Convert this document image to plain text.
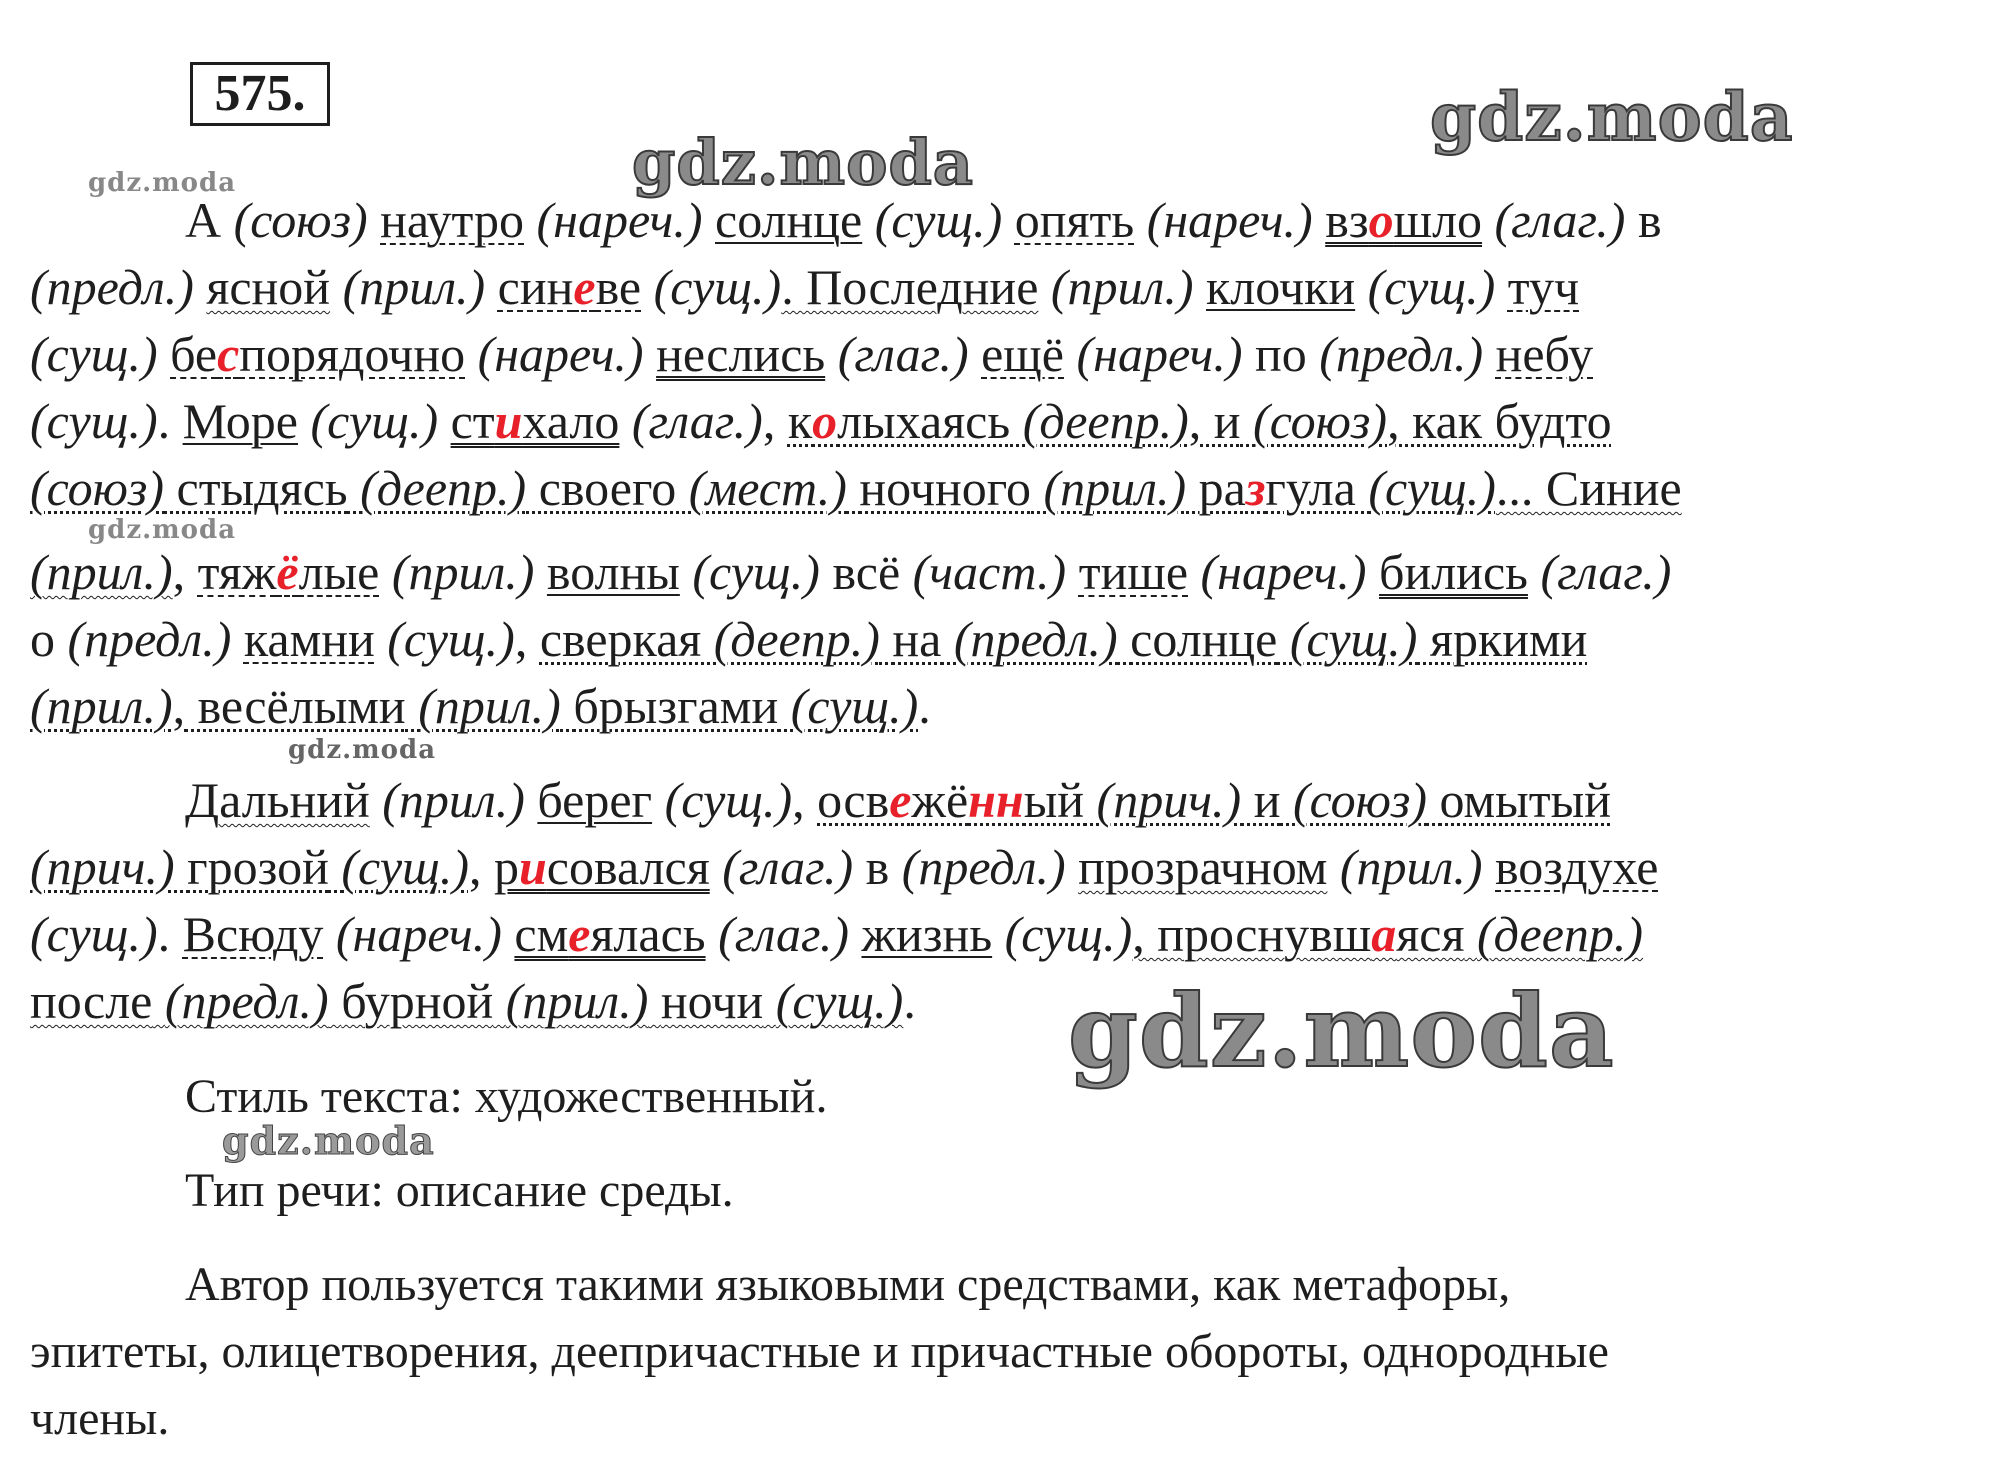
575.	gdz.moda
gdz.moda
gdz.moda
gdz.moda
gdz.moda
gdz.moda
gdz.moda
А (союз) наутро (нареч.) солнце (сущ.) опять (нареч.) взошло (глаг.) в
(предл.) ясной (прил.) синеве (сущ.). Последние (прил.) клочки (сущ.) туч
(сущ.) беспорядочно (нареч.) неслись (глаг.) ещё (нареч.) по (предл.) небу
(сущ.). Море (сущ.) стихало (глаг.), колыхаясь (деепр.), и (союз), как будто
(союз) стыдясь (деепр.) своего (мест.) ночного (прил.) разгула (сущ.)... Синие
(прил.), тяжёлые (прил.) волны (сущ.) всё (част.) тише (нареч.) бились (глаг.)
о (предл.) камни (сущ.), сверкая (деепр.) на (предл.) солнце (сущ.) яркими
(прил.), весёлыми (прил.) брызгами (сущ.).
Дальний (прил.) берег (сущ.), освежённый (прич.) и (союз) омытый
(прич.) грозой (сущ.), рисовался (глаг.) в (предл.) прозрачном (прил.) воздухе
(сущ.). Всюду (нареч.) смеялась (глаг.) жизнь (сущ.), проснувшаяся (деепр.)
после (предл.) бурной (прил.) ночи (сущ.).
Стиль текста: художественный.
Тип речи: описание среды.
Автор пользуется такими языковыми средствами, как метафоры,
эпитеты, олицетворения, деепричастные и причастные обороты, однородные
члены.
